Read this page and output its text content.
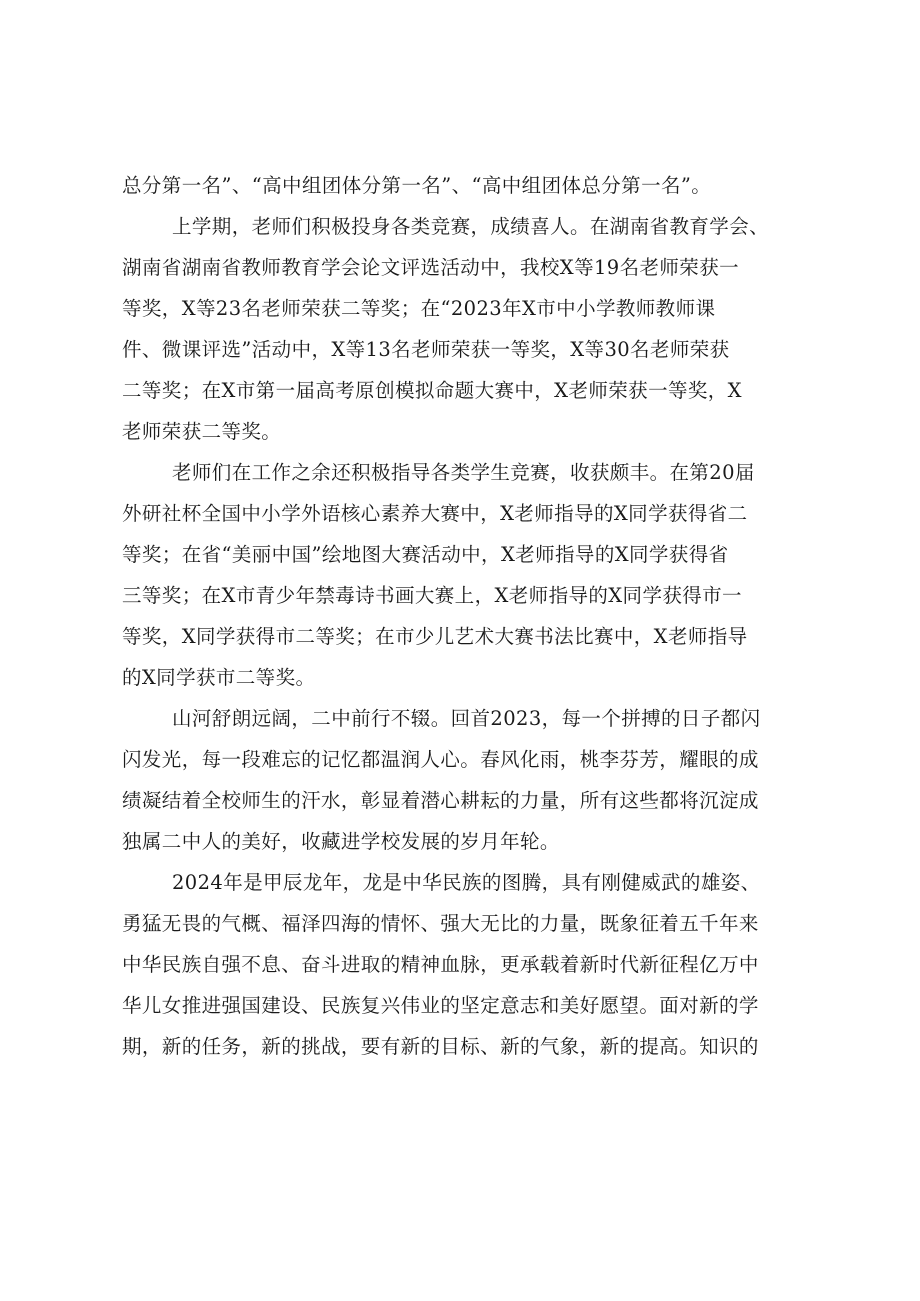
总分第一名”、“高中组团体分第一名”、“高中组团体总分第一名”。
上学期，老师们积极投身各类竞赛，成绩喜人。在湖南省教育学会、
湖南省湖南省教师教育学会论文评选活动中，我校X等19名老师荣获一
等奖，X等23名老师荣获二等奖；在“2023年X市中小学教师教师课
件、微课评选”活动中，X等13名老师荣获一等奖，X等30名老师荣获
二等奖；在X市第一届高考原创模拟命题大赛中，X老师荣获一等奖，X
老师荣获二等奖。
老师们在工作之余还积极指导各类学生竞赛，收获颇丰。在第20届
外研社杯全国中小学外语核心素养大赛中，X老师指导的X同学获得省二
等奖；在省“美丽中国”绘地图大赛活动中，X老师指导的X同学获得省
三等奖；在X市青少年禁毒诗书画大赛上，X老师指导的X同学获得市一
等奖，X同学获得市二等奖；在市少儿艺术大赛书法比赛中，X老师指导
的X同学获市二等奖。
山河舒朗远阔，二中前行不辍。回首2023，每一个拼搏的日子都闪
闪发光，每一段难忘的记忆都温润人心。春风化雨，桃李芬芳，耀眼的成
绩凝结着全校师生的汗水，彰显着潜心耕耘的力量，所有这些都将沉淀成
独属二中人的美好，收藏进学校发展的岁月年轮。
2024年是甲辰龙年，龙是中华民族的图腾，具有刚健威武的雄姿、
勇猛无畏的气概、福泽四海的情怀、强大无比的力量，既象征着五千年来
中华民族自强不息、奋斗进取的精神血脉，更承载着新时代新征程亿万中
华儿女推进强国建设、民族复兴伟业的坚定意志和美好愿望。面对新的学
期，新的任务，新的挑战，要有新的目标、新的气象，新的提高。知识的
